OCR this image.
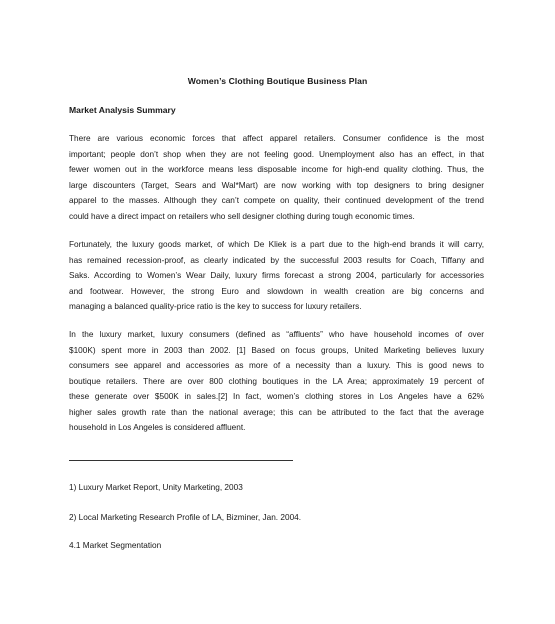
Women’s Clothing Boutique Business Plan
Market Analysis Summary

There are various economic forces that affect apparel retailers. Consumer confidence is the most
important; people don’t shop when they are not feeling good. Unemployment also has an effect, in that
fewer women out in the workforce means less disposable income for high-end quality clothing. Thus, the
large discounters (Target, Sears and Wal*Mart) are now working with top designers to bring designer
apparel to the masses. Although they can’t compete on quality, their continued development of the trend
could have a direct impact on retailers who sell designer clothing during tough economic times.

Fortunately, the luxury goods market, of which De Kliek is a part due to the high-end brands it will carry,
has remained recession-proof, as clearly indicated by the successful 2003 results for Coach, Tiffany and
Saks. According to Women’s Wear Daily, luxury firms forecast a strong 2004, particularly for accessories
and footwear. However, the strong Euro and slowdown in wealth creation are big concerns and
managing a balanced quality-price ratio is the key to success for luxury retailers.

In the luxury market, luxury consumers (defined as “affluents” who have household incomes of over
$100K) spent more in 2003 than 2002. [1] Based on focus groups, United Marketing believes luxury
consumers see apparel and accessories as more of a necessity than a luxury. This is good news to
boutique retailers. There are over 800 clothing boutiques in the LA Area; approximately 19 percent of
these generate over $500K in sales.[2] In fact, women’s clothing stores in Los Angeles have a 62%
higher sales growth rate than the national average; this can be attributed to the fact that the average
household in Los Angeles is considered affluent.

1) Luxury Market Report, Unity Marketing, 2003
2) Local Marketing Research Profile of LA, Bizminer, Jan. 2004.
4.1 Market Segmentation
